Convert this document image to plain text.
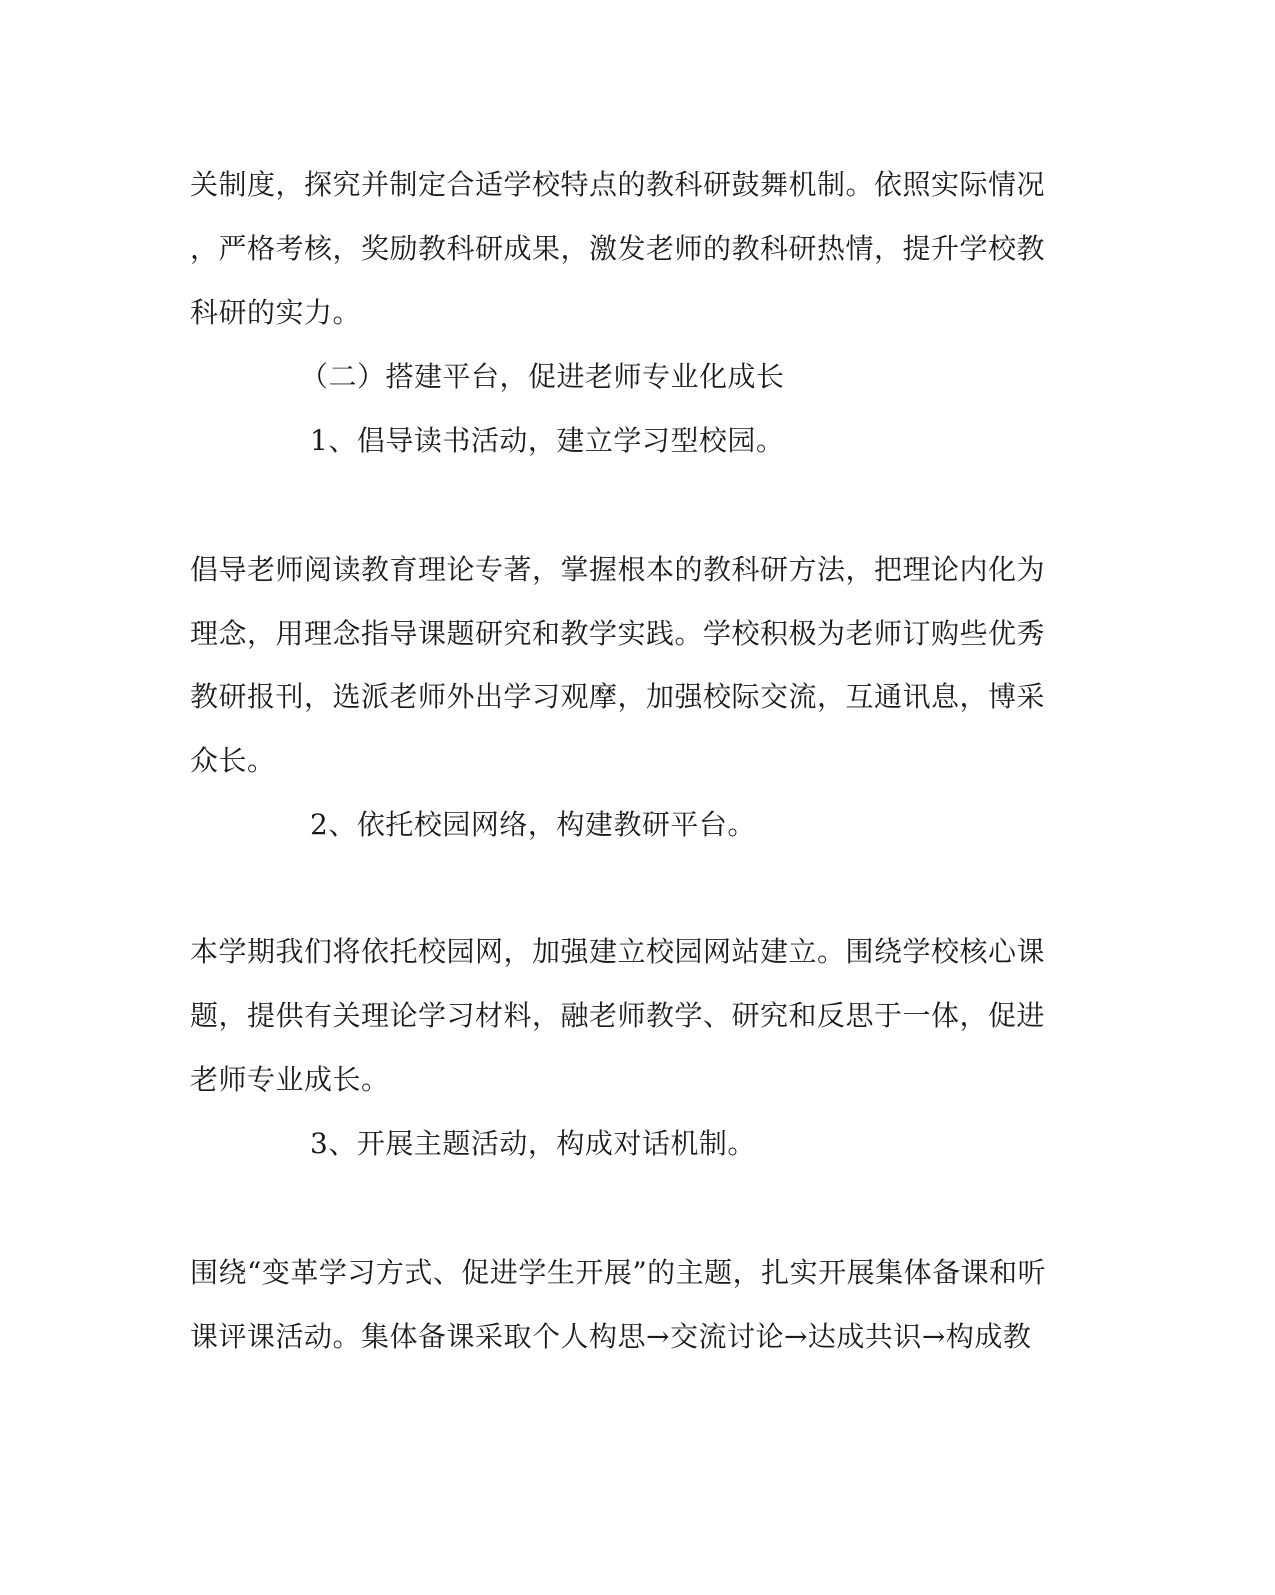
关制度，探究并制定合适学校特点的教科研鼓舞机制。依照实际情况
，严格考核，奖励教科研成果，激发老师的教科研热情，提升学校教
科研的实力。
（二）搭建平台，促进老师专业化成长
1、倡导读书活动，建立学习型校园。
倡导老师阅读教育理论专著，掌握根本的教科研方法，把理论内化为
理念，用理念指导课题研究和教学实践。学校积极为老师订购些优秀
教研报刊，选派老师外出学习观摩，加强校际交流，互通讯息，博采
众长。
2、依托校园网络，构建教研平台。
本学期我们将依托校园网，加强建立校园网站建立。围绕学校核心课
题，提供有关理论学习材料，融老师教学、研究和反思于一体，促进
老师专业成长。
3、开展主题活动，构成对话机制。
围绕“变革学习方式、促进学生开展”的主题，扎实开展集体备课和听
课评课活动。集体备课采取个人构思→交流讨论→达成共识→构成教
